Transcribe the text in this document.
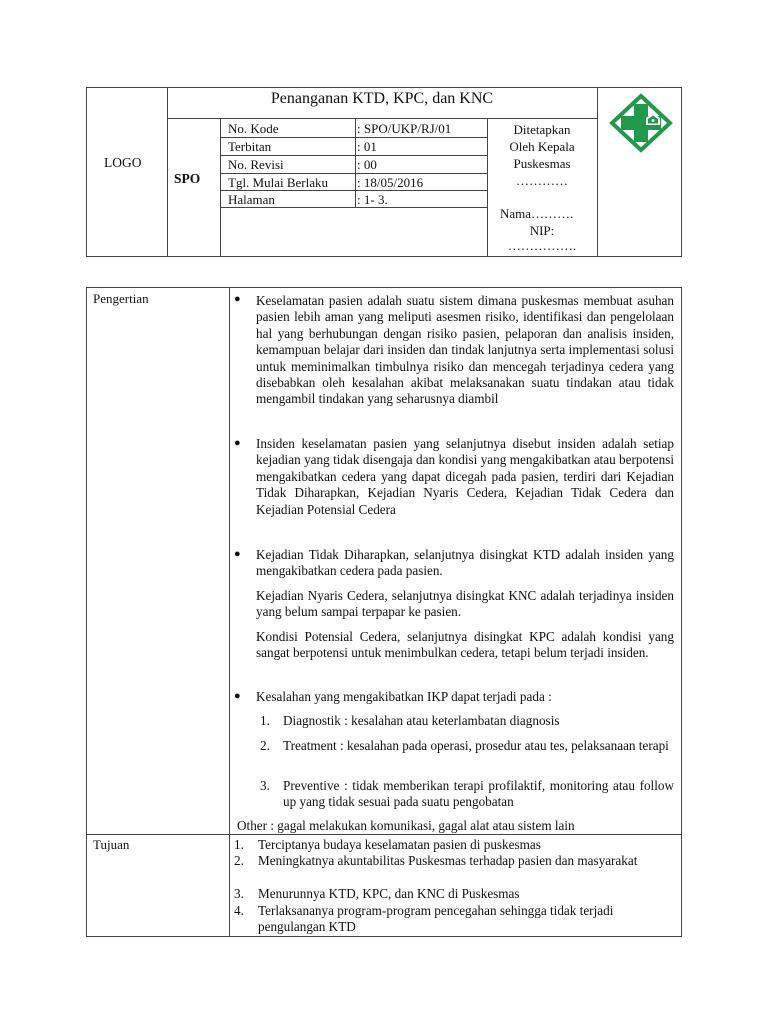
LOGO
Penanganan KTD, KPC, dan KNC
SPO
No. Kode	: SPO/UKP/RJ/01
Terbitan	: 01
No. Revisi	: 00
Tgl. Mulai Berlaku : 18/05/2016
Halaman	: 1- 3.
Ditetapkan
Oleh Kepala
Puskesmas
…………
Nama……….
NIP:
…………….
Pengertian	● Keselamatan pasien adalah suatu sistem dimana puskesmas membuat asuhan pasien lebih aman yang meliputi asesmen risiko, identifikasi dan pengelolaan hal yang berhubungan dengan risiko pasien, pelaporan dan analisis insiden, kemampuan belajar dari insiden dan tindak lanjutnya serta implementasi solusi untuk meminimalkan timbulnya risiko dan mencegah terjadinya cedera yang disebabkan oleh kesalahan akibat melaksanakan suatu tindakan atau tidak mengambil tindakan yang seharusnya diambil
● Insiden keselamatan pasien yang selanjutnya disebut insiden adalah setiap kejadian yang tidak disengaja dan kondisi yang mengakibatkan atau berpotensi mengakibatkan cedera yang dapat dicegah pada pasien, terdiri dari Kejadian Tidak Diharapkan, Kejadian Nyaris Cedera, Kejadian Tidak Cedera dan Kejadian Potensial Cedera
● Kejadian Tidak Diharapkan, selanjutnya disingkat KTD adalah insiden yang mengakibatkan cedera pada pasien.
Kejadian Nyaris Cedera, selanjutnya disingkat KNC adalah terjadinya insiden yang belum sampai terpapar ke pasien.
Kondisi Potensial Cedera, selanjutnya disingkat KPC adalah kondisi yang sangat berpotensi untuk menimbulkan cedera, tetapi belum terjadi insiden.
● Kesalahan yang mengakibatkan IKP dapat terjadi pada :
1. Diagnostik : kesalahan atau keterlambatan diagnosis
2. Treatment : kesalahan pada operasi, prosedur atau tes, pelaksanaan terapi
3. Preventive : tidak memberikan terapi profilaktif, monitoring atau follow up yang tidak sesuai pada suatu pengobatan
Other : gagal melakukan komunikasi, gagal alat atau sistem lain
Tujuan	1. Terciptanya budaya keselamatan pasien di puskesmas
2. Meningkatnya akuntabilitas Puskesmas terhadap pasien dan masyarakat
3. Menurunnya KTD, KPC, dan KNC di Puskesmas
4. Terlaksananya program-program pencegahan sehingga tidak terjadi pengulangan KTD
